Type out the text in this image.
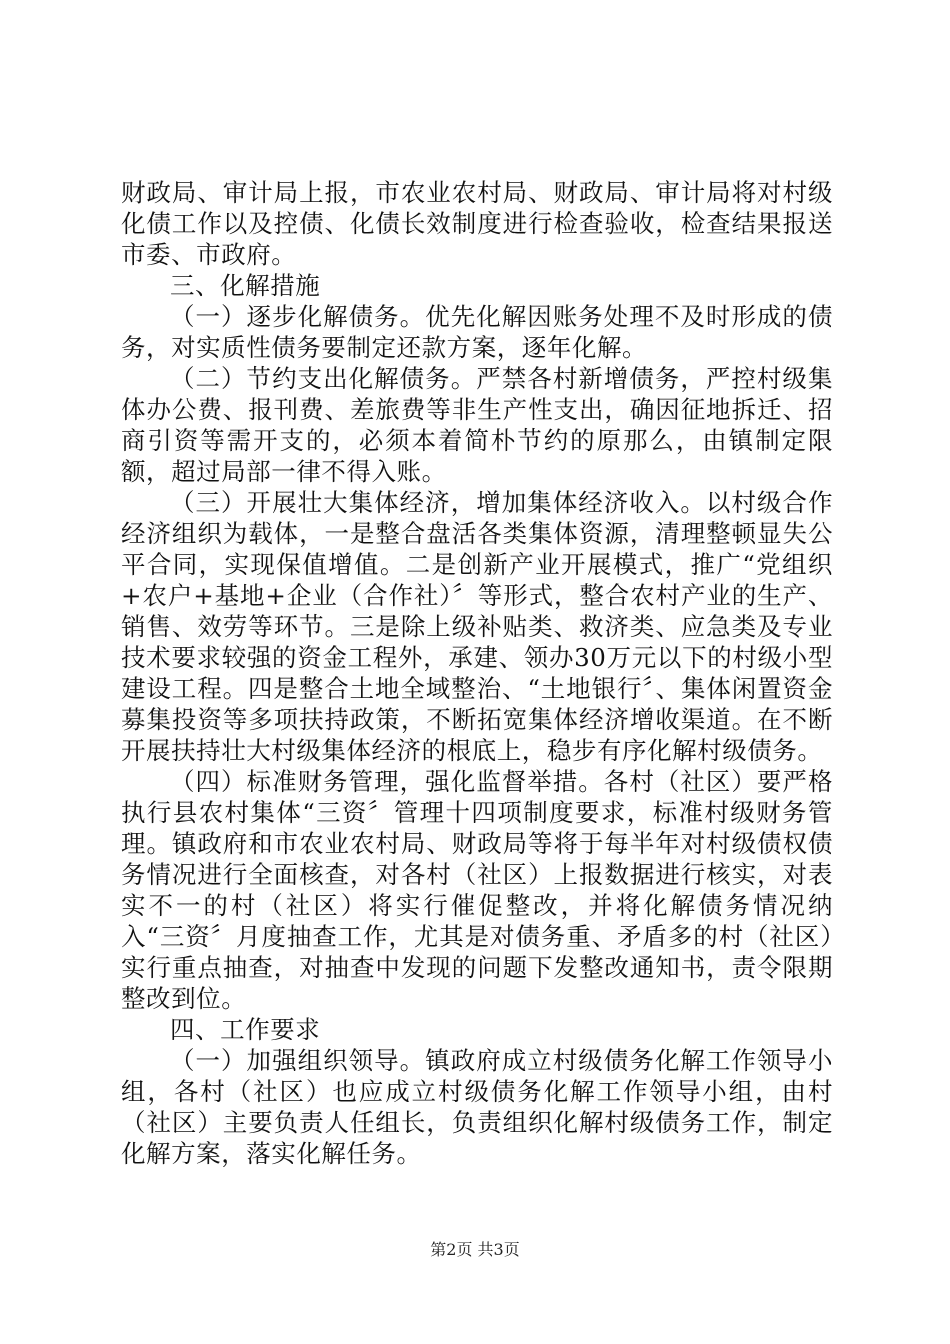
财政局、审计局上报，市农业农村局、财政局、审计局将对村级化债工作以及控债、化债长效制度进行检查验收，检查结果报送市委、市政府。

三、化解措施

（一）逐步化解债务。优先化解因账务处理不及时形成的债务，对实质性债务要制定还款方案，逐年化解。

（二）节约支出化解债务。严禁各村新增债务，严控村级集体办公费、报刊费、差旅费等非生产性支出，确因征地拆迁、招商引资等需开支的，必须本着简朴节约的原那么，由镇制定限额，超过局部一律不得入账。

（三）开展壮大集体经济，增加集体经济收入。以村级合作经济组织为载体，一是整合盘活各类集体资源，清理整顿显失公平合同，实现保值增值。二是创新产业开展模式，推广“党组织+农户+基地+企业（合作社）〞等形式，整合农村产业的生产、销售、效劳等环节。三是除上级补贴类、救济类、应急类及专业技术要求较强的资金工程外，承建、领办30万元以下的村级小型建设工程。四是整合土地全域整治、“土地银行〞、集体闲置资金募集投资等多项扶持政策，不断拓宽集体经济增收渠道。在不断开展扶持壮大村级集体经济的根底上，稳步有序化解村级债务。

（四）标准财务管理，强化监督举措。各村（社区）要严格执行县农村集体“三资〞管理十四项制度要求，标准村级财务管理。镇政府和市农业农村局、财政局等将于每半年对村级债权债务情况进行全面核查，对各村（社区）上报数据进行核实，对表实不一的村（社区）将实行催促整改，并将化解债务情况纳入“三资〞月度抽查工作，尤其是对债务重、矛盾多的村（社区）实行重点抽查，对抽查中发现的问题下发整改通知书，责令限期整改到位。

四、工作要求

（一）加强组织领导。镇政府成立村级债务化解工作领导小组，各村（社区）也应成立村级债务化解工作领导小组，由村（社区）主要负责人任组长，负责组织化解村级债务工作，制定化解方案，落实化解任务。

第2页 共3页
